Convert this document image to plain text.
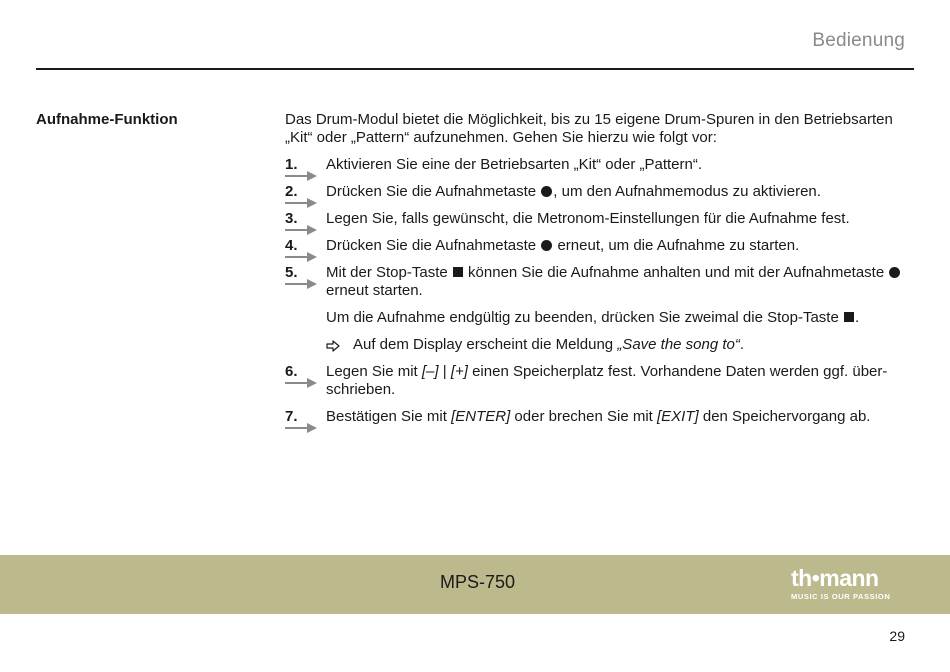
Bedienung
Aufnahme-Funktion	Das Drum-Modul bietet die Möglichkeit, bis zu 15 eigene Drum-Spuren in den Betriebsarten „Kit“ oder „Pattern“ aufzunehmen. Gehen Sie hierzu wie folgt vor:

1. Aktivieren Sie eine der Betriebsarten „Kit“ oder „Pattern“.
2. Drücken Sie die Aufnahmetaste , um den Aufnahmemodus zu aktivieren.
3. Legen Sie, falls gewünscht, die Metronom-Einstellungen für die Aufnahme fest.
4. Drücken Sie die Aufnahmetaste  erneut, um die Aufnahme zu starten.
5. Mit der Stop-Taste  können Sie die Aufnahme anhalten und mit der Aufnahmetaste  erneut starten.

Um die Aufnahme endgültig zu beenden, drücken Sie zweimal die Stop-Taste .

Auf dem Display erscheint die Meldung „Save the song to“.
6. Legen Sie mit [–] | [+] einen Speicherplatz fest. Vorhandene Daten werden ggf. überschrieben.
7. Bestätigen Sie mit [ENTER] oder brechen Sie mit [EXIT] den Speichervorgang ab.
MPS-750	th•mann
MUSIC IS OUR PASSION
29
